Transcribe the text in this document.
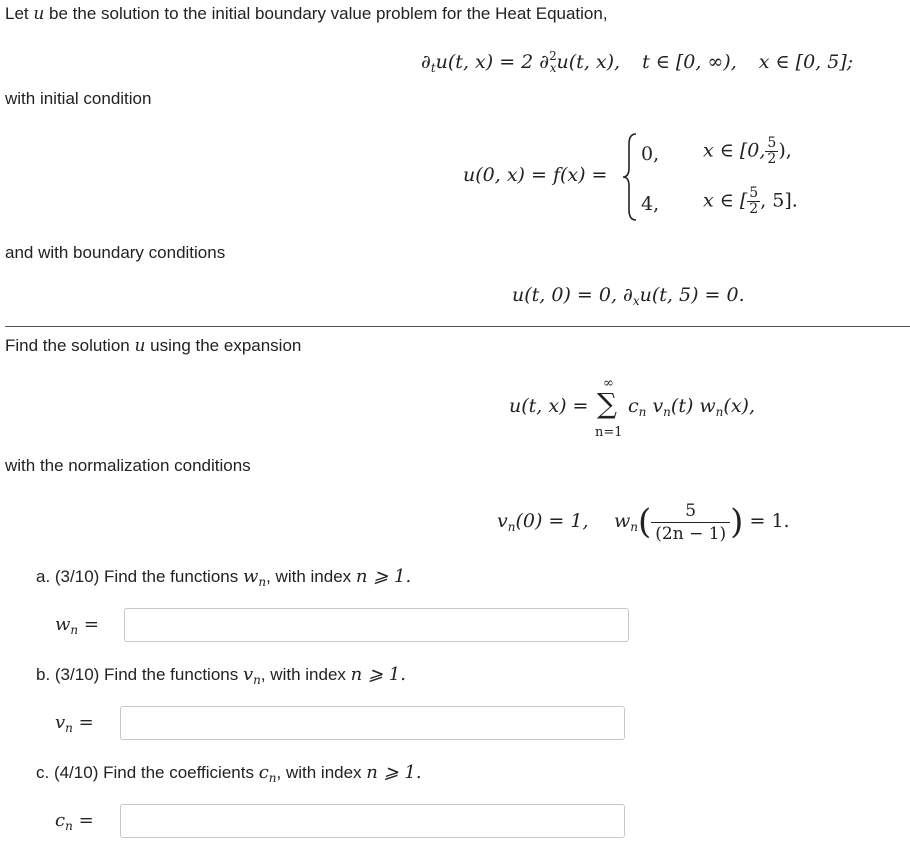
Let u be the solution to the initial boundary value problem for the Heat Equation,
$\partial_tu(t$, x) = 2 ∂$^2_x$u(t, x), t ∈ [0, ∞), x ∈ [0, 5];
with initial condition
u(0, x) = f(x) =
0, x ∈ [0, $\frac{5}{2}$ ),
4, x ∈ [ $\frac{5}{2}$ , 5].
and with boundary conditions
u(t, 0) = 0, $\partial_xu(t$, 5) = 0.
Find the solution u using the expansion
u(t, x) =
∞
∑
n=1
$c_n$ $v_n(t)$ $w_n(x)$,
with the normalization conditions
$v_n(0) = 1$, $w_n( \frac{5}{(2n - 1)}$ ) = 1.
a. (3/10) Find the functions $w_n$, with index n ⩾ 1.
$w_n$ =
b. (3/10) Find the functions $v_n$, with index n ⩾ 1.
$v_n$ =
c. (4/10) Find the coefficients $c_n$, with index n ⩾ 1.
$c_n$ =
